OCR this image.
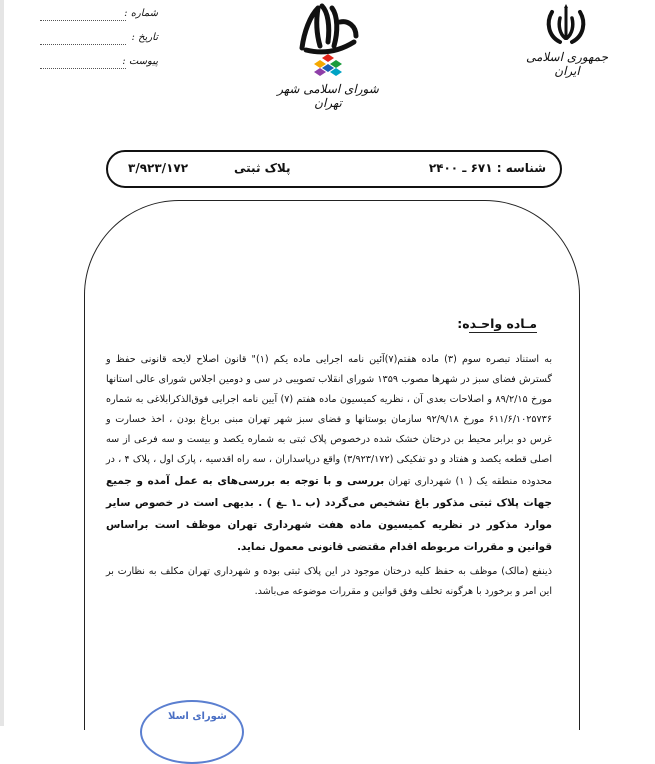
شماره :
تاریخ :
پیوست :
شورای اسلامی شهر تهران
جمهوری اسلامی ایران
شناسه : ۶۷۱ ـ ۲۴۰۰
پلاک ثبتی
۳/۹۲۳/۱۷۲
مـاده واحـده:

به استناد تبصره سوم (۳) ماده هفتم(۷)آئین نامه اجرایی ماده یکم (۱)" قانون اصلاح لایحه قانونی حفظ و گسترش فضای سبز در شهرها مصوب ۱۳۵۹ شورای انقلاب تصویبی در سی و دومین اجلاس شورای عالی استانها مورخ ۸۹/۲/۱۵ و اصلاحات بعدی آن ، نظریه کمیسیون ماده هفتم (۷) آیین نامه اجرایی فوق‌الذکرابلاغی به شماره ۶۱۱/۶/۱۰۲۵۷۳۶ مورخ ۹۲/۹/۱۸ سازمان بوستانها و فضای سبز شهر تهران مبنی برباغ بودن ، اخذ خسارت و غرس دو برابر محیط بن درختان خشک شده درخصوص پلاک ثبتی به شماره یکصد و بیست و سه فرعی از سه اصلی قطعه یکصد و هفتاد و دو تفکیکی (۳/۹۲۳/۱۷۲) واقع درپاسداران ، سه راه اقدسیه ، پارک اول ، پلاک ۴ ، در محدوده منطقه یک ( ۱) شهرداری تهران بررسی و با توجه به بررسی‌های به عمل آمده و جمیع جهات پلاک ثبتی مذکور باغ تشخیص می‌گردد (ب ـ۱ ـغ ) . بدیهی است در خصوص سایر موارد مذکور در نظریه کمیسیون ماده هفت شهرداری تهران موظف است براساس قوانین و مقررات مربوطه اقدام مقتضی قانونی معمول نماید.

ذینفع (مالک) موظف به حفظ کلیه درختان موجود در این پلاک ثبتی بوده و شهرداری تهران مکلف به نظارت بر این امر و برخورد با هرگونه تخلف وفق قوانین و مقررات موضوعه می‌باشد.

شورای اسلا
